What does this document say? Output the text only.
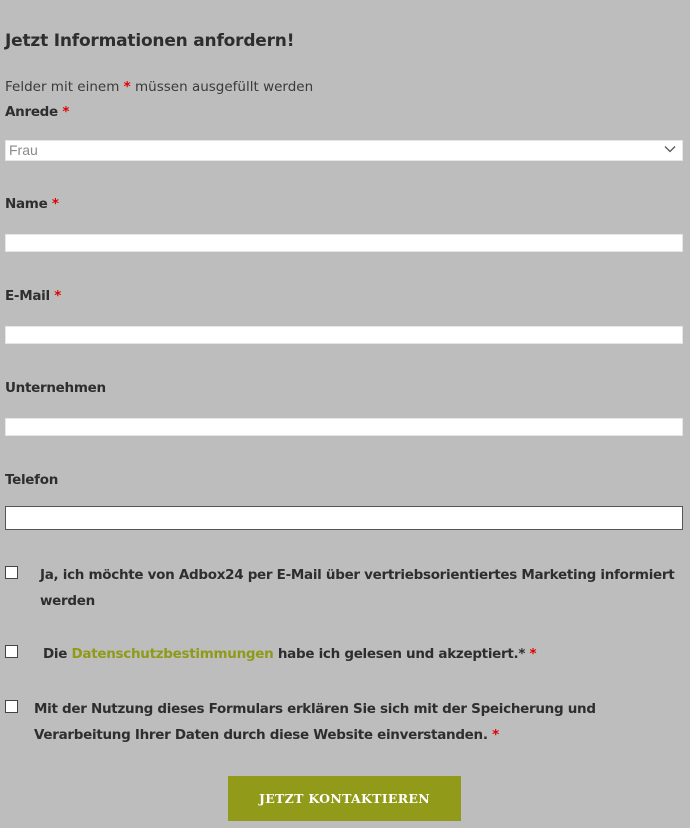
Jetzt Informationen anfordern!
Felder mit einem * müssen ausgefüllt werden
Anrede *
Frau
Name *
E-Mail *
Unternehmen
Telefon
Ja, ich möchte von Adbox24 per E-Mail über vertriebsorientiertes Marketing informiert
werden
Die Datenschutzbestimmungen habe ich gelesen und akzeptiert.* *
Mit der Nutzung dieses Formulars erklären Sie sich mit der Speicherung und
Verarbeitung Ihrer Daten durch diese Website einverstanden. *
JETZT KONTAKTIEREN
